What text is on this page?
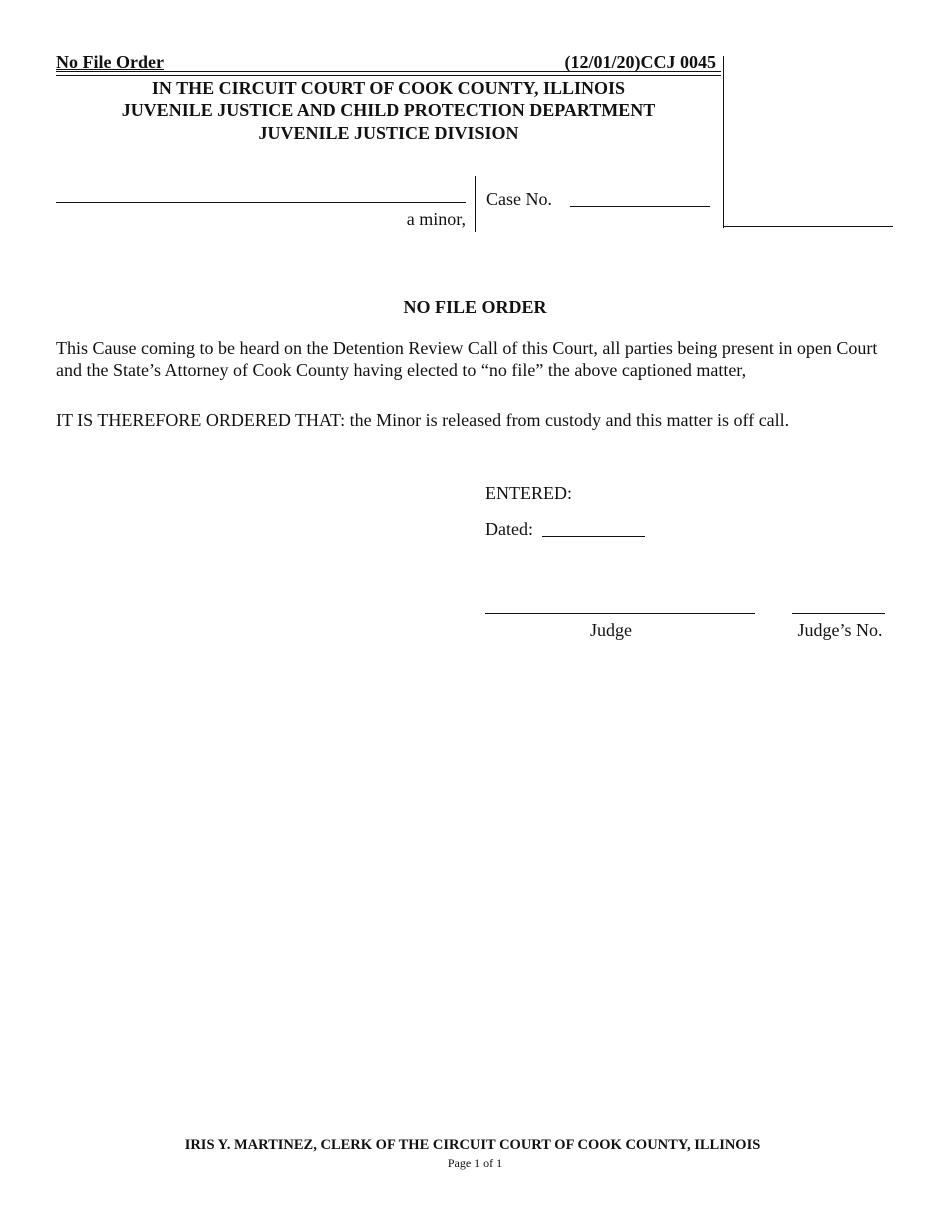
No File Order	(12/01/20)CCJ 0045
IN THE CIRCUIT COURT OF COOK COUNTY, ILLINOIS
JUVENILE JUSTICE AND CHILD PROTECTION DEPARTMENT
JUVENILE JUSTICE DIVISION
a minor,
Case No.
NO FILE ORDER
This Cause coming to be heard on the Detention Review Call of this Court, all parties being present in open Court and the State’s Attorney of Cook County having elected to “no file” the above captioned matter,
IT IS THEREFORE ORDERED THAT: the Minor is released from custody and this matter is off call.
ENTERED:
Dated:
Judge	Judge’s No.
IRIS Y. MARTINEZ, CLERK OF THE CIRCUIT COURT OF COOK COUNTY, ILLINOIS
Page 1 of 1
